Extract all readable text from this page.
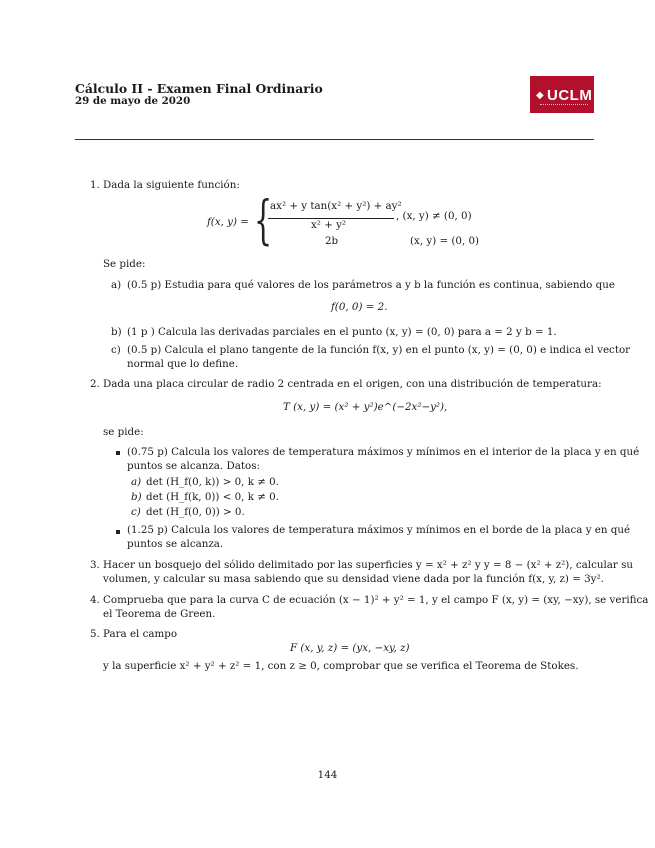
Cálculo II - Examen Final Ordinario
29 de mayo de 2020	◆ UCLM
1. Dada la siguiente función:
f(x, y) = {
ax² + y tan(x² + y²) + ay²
x² + y²
, (x, y) ≠ (0, 0)
2b	(x, y) = (0, 0)
Se pide:
a) (0.5 p) Estudia para qué valores de los parámetros a y b la función es continua, sabiendo que
f(0, 0) = 2.
b) (1 p ) Calcula las derivadas parciales en el punto (x, y) = (0, 0) para a = 2 y b = 1.
c) (0.5 p) Calcula el plano tangente de la función f(x, y) en el punto (x, y) = (0, 0) e indica el vector
normal que lo define.
2. Dada una placa circular de radio 2 centrada en el origen, con una distribución de temperatura:
T (x, y) = (x² + y²)e^(−2x²−y²),
se pide:
(0.75 p) Calcula los valores de temperatura máximos y mínimos en el interior de la placa y en qué
puntos se alcanza. Datos:
a) det (H_f(0, k)) > 0, k ≠ 0.
b) det (H_f(k, 0)) < 0, k ≠ 0.
c) det (H_f(0, 0)) > 0.
(1.25 p) Calcula los valores de temperatura máximos y mínimos en el borde de la placa y en qué
puntos se alcanza.
3. Hacer un bosquejo del sólido delimitado por las superficies y = x² + z² y y = 8 − (x² + z²), calcular su
volumen, y calcular su masa sabiendo que su densidad viene dada por la función f(x, y, z) = 3y².
4. Comprueba que para la curva C de ecuación (x − 1)² + y² = 1, y el campo F (x, y) = (xy, −xy), se verifica
el Teorema de Green.
5. Para el campo
F (x, y, z) = (yx, −xy, z)
y la superficie x² + y² + z² = 1, con z ≥ 0, comprobar que se verifica el Teorema de Stokes.
144
